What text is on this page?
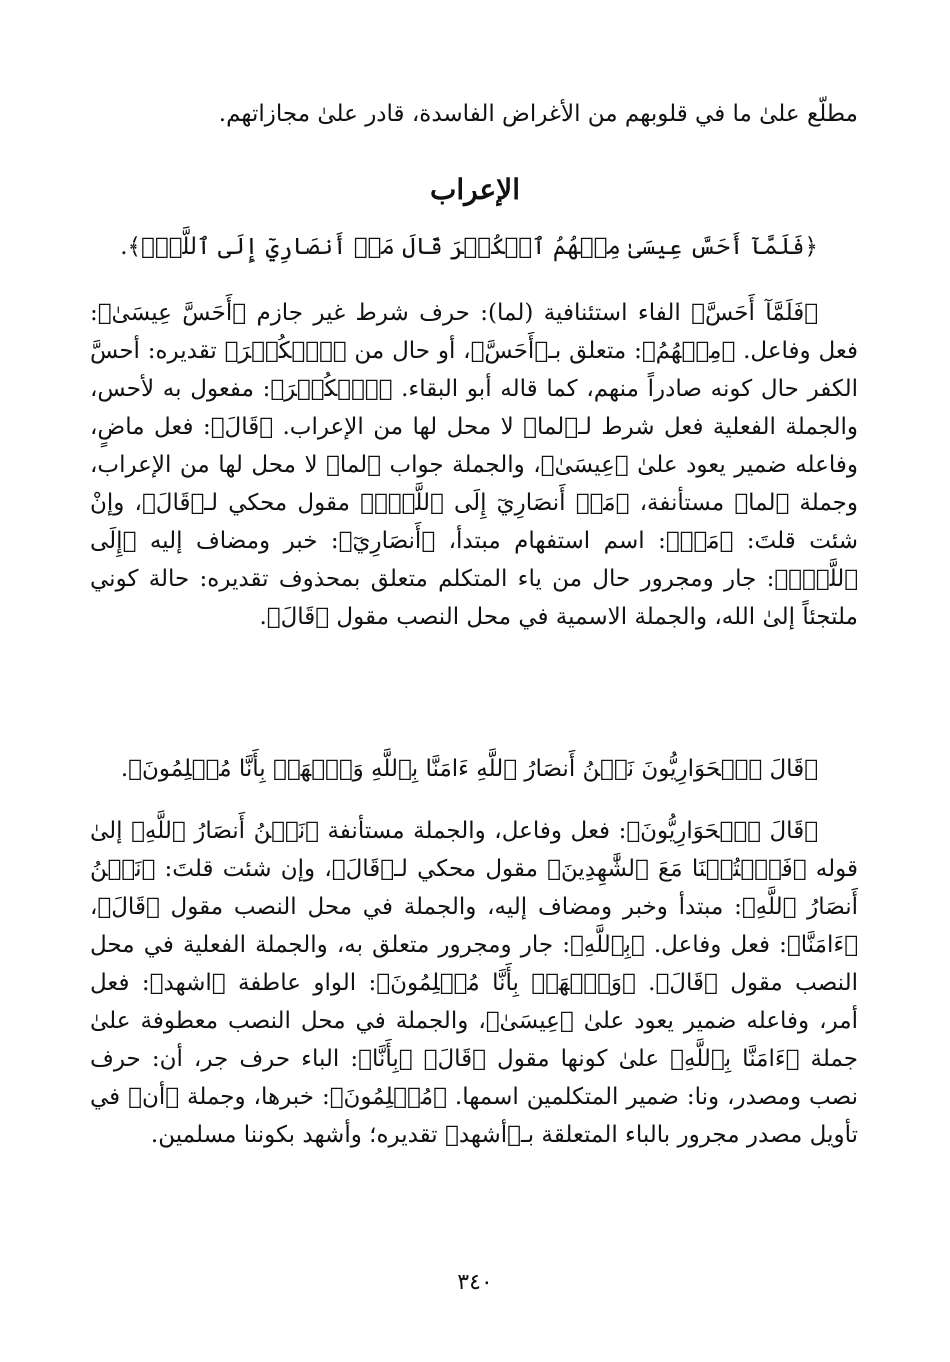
مطلّع علىٰ ما في قلوبهم من الأغراض الفاسدة، قادر علىٰ مجازاتهم.
الإعراب
﴿فَلَمَّآ أَحَسَّ عِيسَىٰ مِنۡهُمُ ٱلۡكُفۡرَ قَالَ مَنۡ أَنصَارِيٓ إِلَى ٱللَّهِۖ﴾.
﴿فَلَمَّآ أَحَسَّ﴾ الفاء استئنافية (لما): حرف شرط غير جازم ﴿أَحَسَّ عِيسَىٰ﴾: فعل وفاعل. ﴿مِنۡهُمُ﴾: متعلق بـ﴿أَحَسَّ﴾، أو حال من ﴿ٱلۡكُفۡرَ﴾ تقديره: أحسَّ الكفر حال كونه صادراً منهم، كما قاله أبو البقاء. ﴿ٱلۡكُفۡرَ﴾: مفعول به لأحس، والجملة الفعلية فعل شرط لـ﴿لما﴾ لا محل لها من الإعراب. ﴿قَالَ﴾: فعل ماضٍ، وفاعله ضمير يعود علىٰ ﴿عِيسَىٰ﴾، والجملة جواب ﴿لما﴾ لا محل لها من الإعراب، وجملة ﴿لما﴾ مستأنفة، ﴿مَنۡ أَنصَارِيٓ إِلَى ٱللَّهِۖ﴾ مقول محكي لـ﴿قَالَ﴾، وإنْ شئت قلتَ: ﴿مَنۡ﴾: اسم استفهام مبتدأ، ﴿أَنصَارِيٓ﴾: خبر ومضاف إليه ﴿إِلَى ٱللَّهِۖ﴾: جار ومجرور حال من ياء المتكلم متعلق بمحذوف تقديره: حالة كوني ملتجئاً إلىٰ الله، والجملة الاسمية في محل النصب مقول ﴿قَالَ﴾.
﴿قَالَ ٱلۡحَوَارِيُّونَ نَحۡنُ أَنصَارُ ٱللَّهِ ءَامَنَّا بِٱللَّهِ وَٱشۡهَدۡ بِأَنَّا مُسۡلِمُونَ﴾.
﴿قَالَ ٱلۡحَوَارِيُّونَ﴾: فعل وفاعل، والجملة مستأنفة ﴿نَحۡنُ أَنصَارُ ٱللَّهِ﴾ إلىٰ قوله ﴿فَٱكۡتُبۡنَا مَعَ ٱلشَّٰهِدِينَ﴾ مقول محكي لـ﴿قَالَ﴾، وإن شئت قلتَ: ﴿نَحۡنُ أَنصَارُ ٱللَّهِ﴾: مبتدأ وخبر ومضاف إليه، والجملة في محل النصب مقول ﴿قَالَ﴾، ﴿ءَامَنَّا﴾: فعل وفاعل. ﴿بِٱللَّهِ﴾: جار ومجرور متعلق به، والجملة الفعلية في محل النصب مقول ﴿قَالَ﴾. ﴿وَٱشۡهَدۡ بِأَنَّا مُسۡلِمُونَ﴾: الواو عاطفة ﴿اشهد﴾: فعل أمر، وفاعله ضمير يعود علىٰ ﴿عِيسَىٰ﴾، والجملة في محل النصب معطوفة علىٰ جملة ﴿ءَامَنَّا بِٱللَّهِ﴾ علىٰ كونها مقول ﴿قَالَ﴾ ﴿بِأَنَّا﴾: الباء حرف جر، أن: حرف نصب ومصدر، ونا: ضمير المتكلمين اسمها. ﴿مُسۡلِمُونَ﴾: خبرها، وجملة ﴿أن﴾ في تأويل مصدر مجرور بالباء المتعلقة بـ﴿أشهد﴾ تقديره؛ وأشهد بكوننا مسلمين.
٣٤٠
